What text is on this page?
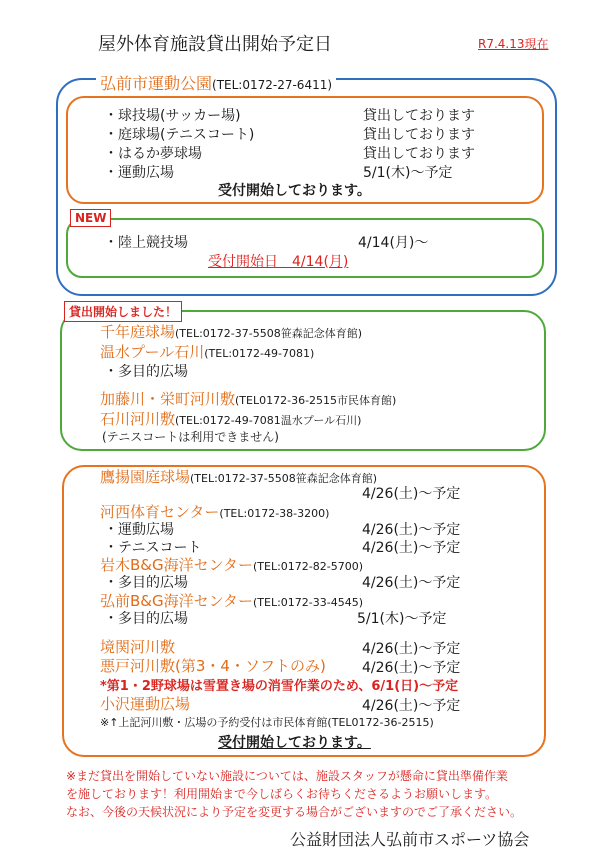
屋外体育施設貸出開始予定日	R7.4.13現在
弘前市運動公園(TEL:0172-27-6411)
・球技場(サッカー場)	貸出しております
・庭球場(テニスコート)	貸出しております
・はるか夢球場	貸出しております
・運動広場	5/1(木)〜予定
受付開始しております。
NEW
・陸上競技場	4/14(月)〜
受付開始日　4/14(月)
貸出開始しました！
千年庭球場(TEL:0172-37-5508笹森記念体育館)
温水プール石川(TEL:0172-49-7081)
・多目的広場
加藤川・栄町河川敷(TEL0172-36-2515市民体育館)
石川河川敷(TEL:0172-49-7081温水プール石川)
(テニスコートは利用できません)
鷹揚園庭球場(TEL:0172-37-5508笹森記念体育館)
4/26(土)〜予定
河西体育センター(TEL:0172-38-3200)
・運動広場	4/26(土)〜予定
・テニスコート	4/26(土)〜予定
岩木B&G海洋センター(TEL:0172-82-5700)
・多目的広場	4/26(土)〜予定
弘前B&G海洋センター(TEL:0172-33-4545)
・多目的広場	5/1(木)〜予定
境関河川敷	4/26(土)〜予定
悪戸河川敷(第3・4・ソフトのみ)	4/26(土)〜予定
*第1・2野球場は雪置き場の消雪作業のため、6/1(日)〜予定
小沢運動広場	4/26(土)〜予定
※↑上記河川敷・広場の予約受付は市民体育館(TEL0172-36-2515)
受付開始しております。
※まだ貸出を開始していない施設については、施設スタッフが懸命に貸出準備作業
を施しております！利用開始まで今しばらくお待ちくださるようお願いします。
なお、今後の天候状況により予定を変更する場合がございますのでご了承ください。
公益財団法人弘前市スポーツ協会
